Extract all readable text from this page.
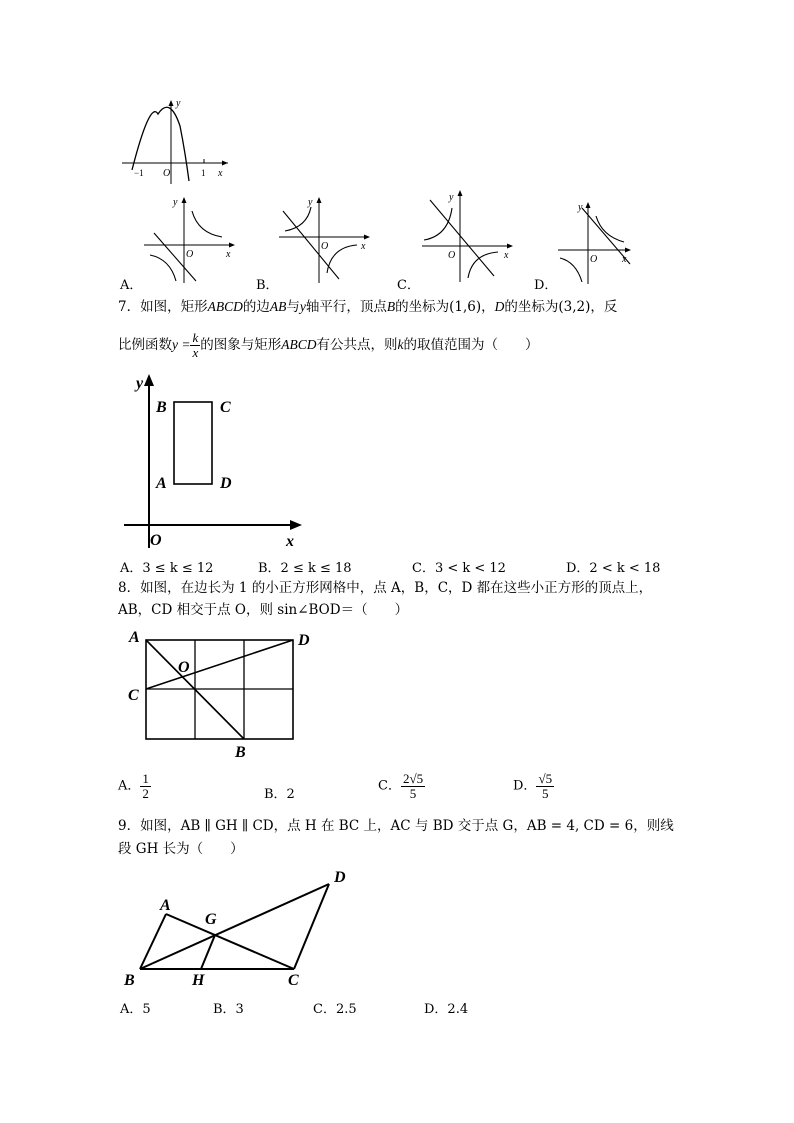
y
x
O
−1	1
y
O	x
y
O	x
y
O	x
y
O x
A．	B．	C．	D．
7．如图，矩形ABCD的边AB与y轴平行，顶点B的坐标为(1,6)，D的坐标为(3,2)，反
比例函数$y = \frac{k}{x}$ 的图象与矩形ABCD有公共点，则k的取值范围为（　　）
y
x
O
B	C
A	D
A．3 ≤ k ≤ 12	B．2 ≤ k ≤ 18	C．3 < k < 12	D．2 < k < 18
8．如图，在边长为 1 的小正方形网格中，点 A，B，C，D 都在这些小正方形的顶点上，
AB，CD 相交于点 O，则 sin∠BOD＝（　　）
A	D
C
O
B
A． $\frac{1}{2}$	B．2
C． $\frac{2√5}{5}$	D． $\frac{√5}{5}$
9．如图，AB ∥ GH ∥ CD，点 H 在 BC 上，AC 与 BD 交于点 G，AB = 4, CD = 6，则线
段 GH 长为（　　）
A
G
D
B	H	C
A．5	B．3	C．2.5	D．2.4
